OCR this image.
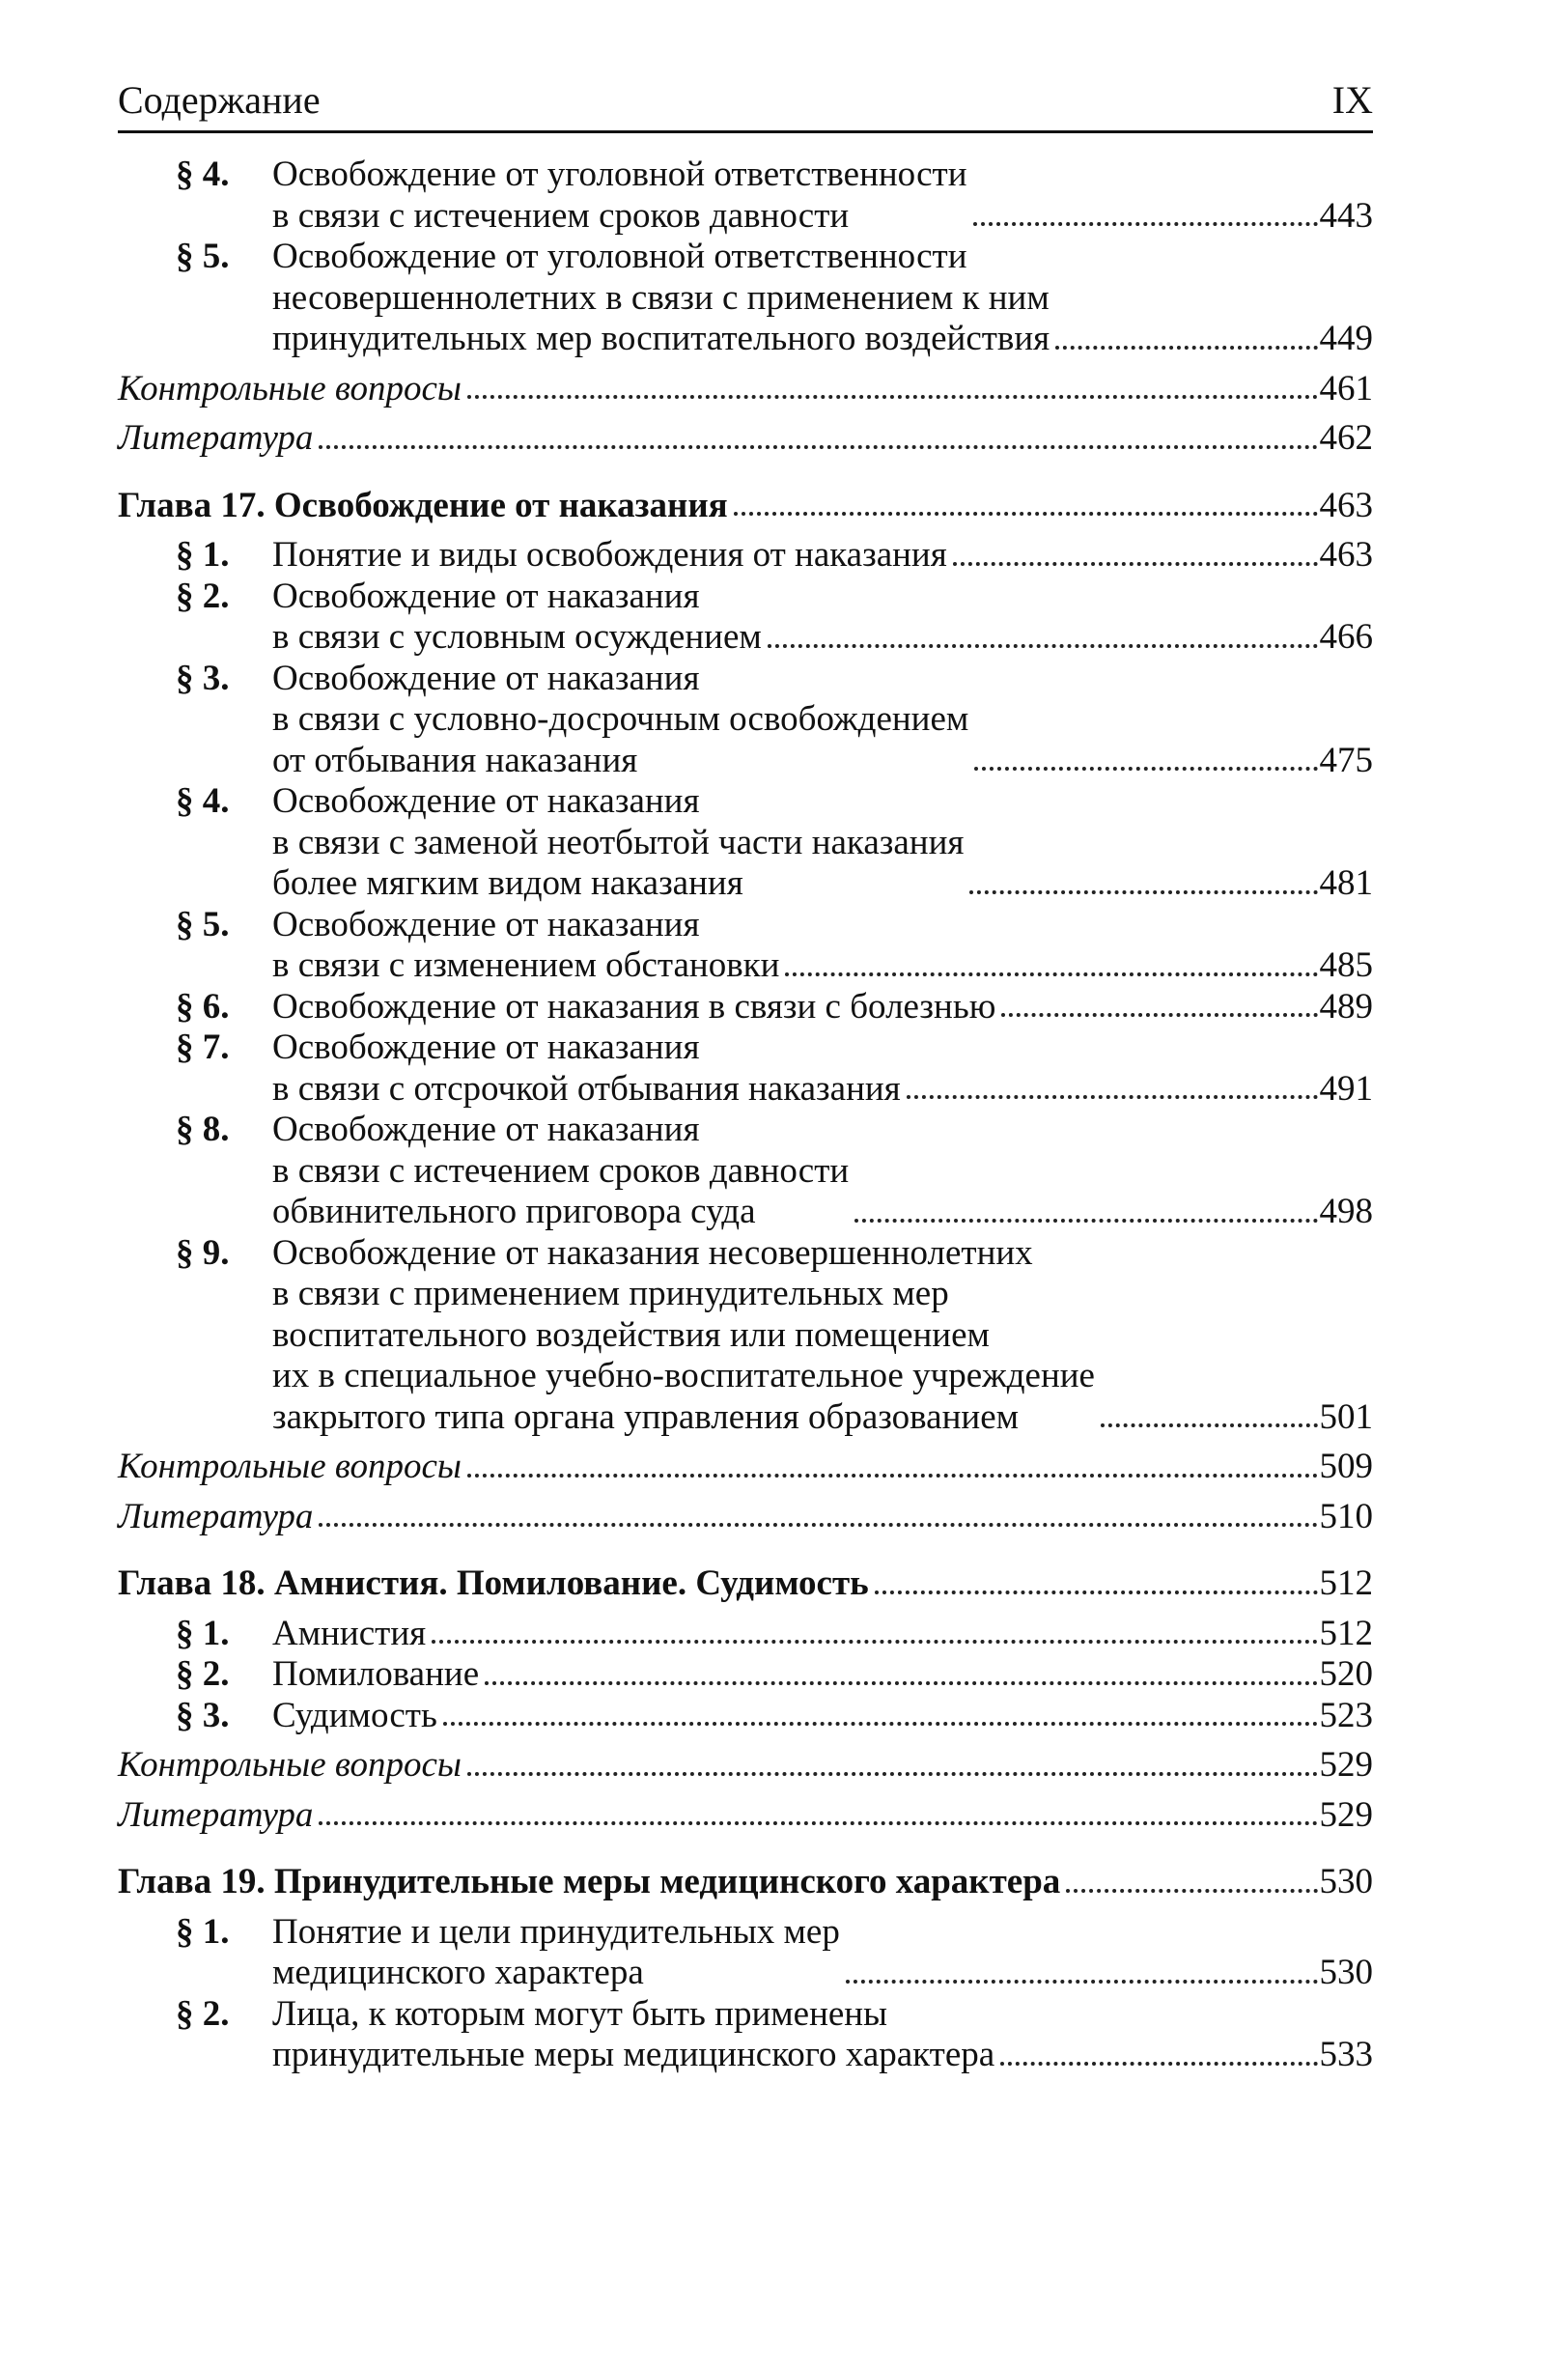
Содержание	IX
§ 4.	Освобождение от уголовной ответственности
в связи с истечением сроков давности	443
§ 5.	Освобождение от уголовной ответственности
несовершеннолетних в связи с применением к ним
принудительных мер воспитательного воздействия	449
Контрольные вопросы	461
Литература	462
Глава 17. Освобождение от наказания	463
§ 1.	Понятие и виды освобождения от наказания	463
§ 2.	Освобождение от наказания
в связи с условным осуждением	466
§ 3.	Освобождение от наказания
в связи с условно-досрочным освобождением
от отбывания наказания	475
§ 4.	Освобождение от наказания
в связи с заменой неотбытой части наказания
более мягким видом наказания	481
§ 5.	Освобождение от наказания
в связи с изменением обстановки	485
§ 6.	Освобождение от наказания в связи с болезнью	489
§ 7.	Освобождение от наказания
в связи с отсрочкой отбывания наказания	491
§ 8.	Освобождение от наказания
в связи с истечением сроков давности
обвинительного приговора суда	498
§ 9.	Освобождение от наказания несовершеннолетних
в связи с применением принудительных мер
воспитательного воздействия или помещением
их в специальное учебно-воспитательное учреждение
закрытого типа органа управления образованием	501
Контрольные вопросы	509
Литература	510
Глава 18. Амнистия. Помилование. Судимость	512
§ 1.	Амнистия	512
§ 2.	Помилование	520
§ 3.	Судимость	523
Контрольные вопросы	529
Литература	529
Глава 19. Принудительные меры медицинского характера	530
§ 1.	Понятие и цели принудительных мер
медицинского характера	530
§ 2.	Лица, к которым могут быть применены
принудительные меры медицинского характера	533
